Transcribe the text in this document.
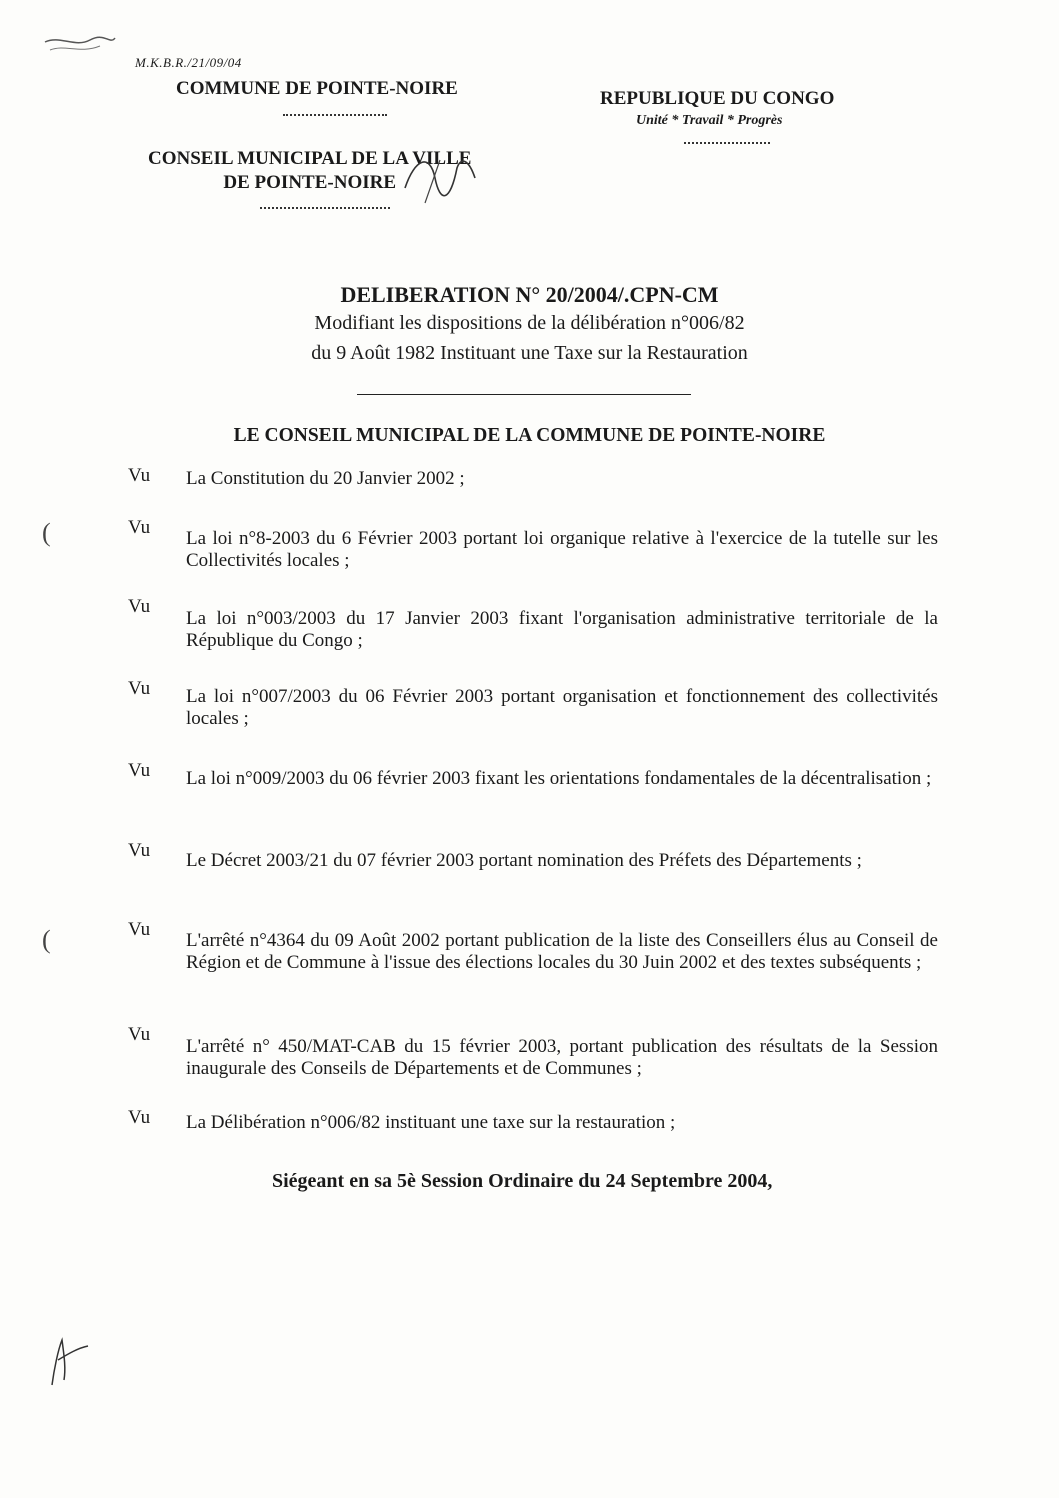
M.K.B.R./21/09/04
COMMUNE DE POINTE-NOIRE
CONSEIL MUNICIPAL DE LA VILLE
DE POINTE-NOIRE
REPUBLIQUE DU CONGO
Unité * Travail * Progrès
DELIBERATION N° 20/2004/.CPN-CM
Modifiant les dispositions de la délibération n°006/82
du 9 Août 1982 Instituant une Taxe sur la Restauration
LE CONSEIL MUNICIPAL DE LA COMMUNE DE POINTE-NOIRE
Vu	La Constitution du 20 Janvier 2002 ;
Vu
La loi n°8-2003 du 6 Février 2003 portant loi organique relative à l'exercice de la tutelle sur les Collectivités locales ;
Vu
La loi n°003/2003 du 17 Janvier 2003 fixant l'organisation administrative territoriale de la République du Congo ;
Vu	La loi n°007/2003 du 06 Février 2003 portant organisation et fonctionnement des collectivités locales ;
Vu	La loi n°009/2003 du 06 février 2003 fixant les orientations fondamentales de la décentralisation ;
Vu	Le Décret 2003/21 du 07 février 2003 portant nomination des Préfets des Départements ;
Vu
L'arrêté n°4364 du 09 Août 2002 portant publication de la liste des Conseillers élus au Conseil de Région et de Commune à l'issue des élections locales du 30 Juin 2002 et des textes subséquents ;
Vu
L'arrêté n° 450/MAT-CAB du 15 février 2003, portant publication des résultats de la Session inaugurale des Conseils de Départements et de Communes ;
Vu	La Délibération n°006/82 instituant une taxe sur la restauration ;
Siégeant en sa 5è Session Ordinaire du 24 Septembre 2004,
(
(
